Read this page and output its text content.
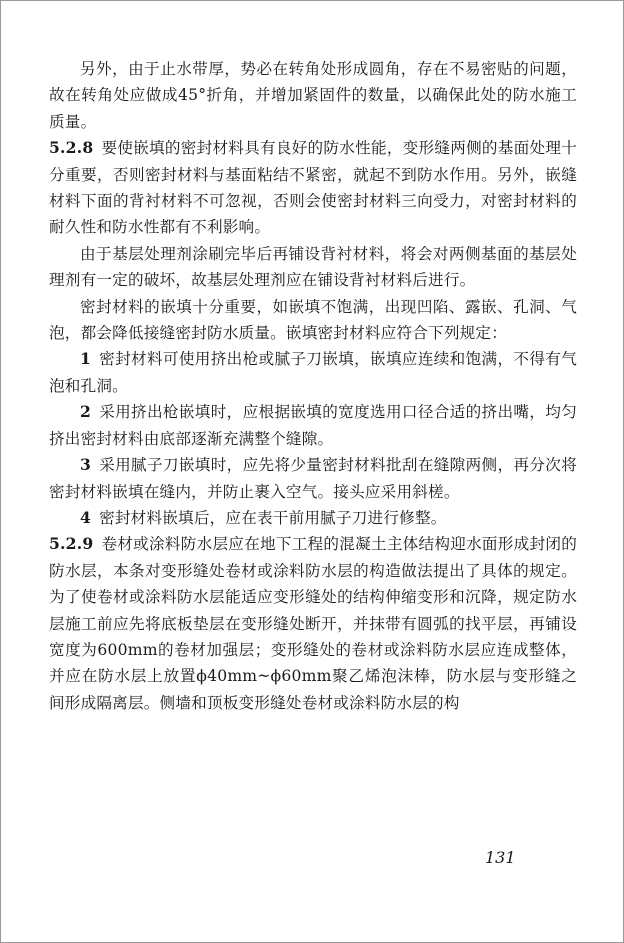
另外，由于止水带厚，势必在转角处形成圆角，存在不易密贴的问题，故在转角处应做成45°折角，并增加紧固件的数量，以确保此处的防水施工质量。

5.2.8 要使嵌填的密封材料具有良好的防水性能，变形缝两侧的基面处理十分重要，否则密封材料与基面粘结不紧密，就起不到防水作用。另外，嵌缝材料下面的背衬材料不可忽视，否则会使密封材料三向受力，对密封材料的耐久性和防水性都有不利影响。

由于基层处理剂涂刷完毕后再铺设背衬材料，将会对两侧基面的基层处理剂有一定的破坏，故基层处理剂应在铺设背衬材料后进行。

密封材料的嵌填十分重要，如嵌填不饱满，出现凹陷、露嵌、孔洞、气泡，都会降低接缝密封防水质量。嵌填密封材料应符合下列规定：

1 密封材料可使用挤出枪或腻子刀嵌填，嵌填应连续和饱满，不得有气泡和孔洞。

2 采用挤出枪嵌填时，应根据嵌填的宽度选用口径合适的挤出嘴，均匀挤出密封材料由底部逐渐充满整个缝隙。

3 采用腻子刀嵌填时，应先将少量密封材料批刮在缝隙两侧，再分次将密封材料嵌填在缝内，并防止裹入空气。接头应采用斜槎。

4 密封材料嵌填后，应在表干前用腻子刀进行修整。

5.2.9 卷材或涂料防水层应在地下工程的混凝土主体结构迎水面形成封闭的防水层，本条对变形缝处卷材或涂料防水层的构造做法提出了具体的规定。为了使卷材或涂料防水层能适应变形缝处的结构伸缩变形和沉降，规定防水层施工前应先将底板垫层在变形缝处断开，并抹带有圆弧的找平层，再铺设宽度为600mm的卷材加强层；变形缝处的卷材或涂料防水层应连成整体，并应在防水层上放置ϕ40mm~ϕ60mm聚乙烯泡沫棒，防水层与变形缝之间形成隔离层。侧墙和顶板变形缝处卷材或涂料防水层的构

131
